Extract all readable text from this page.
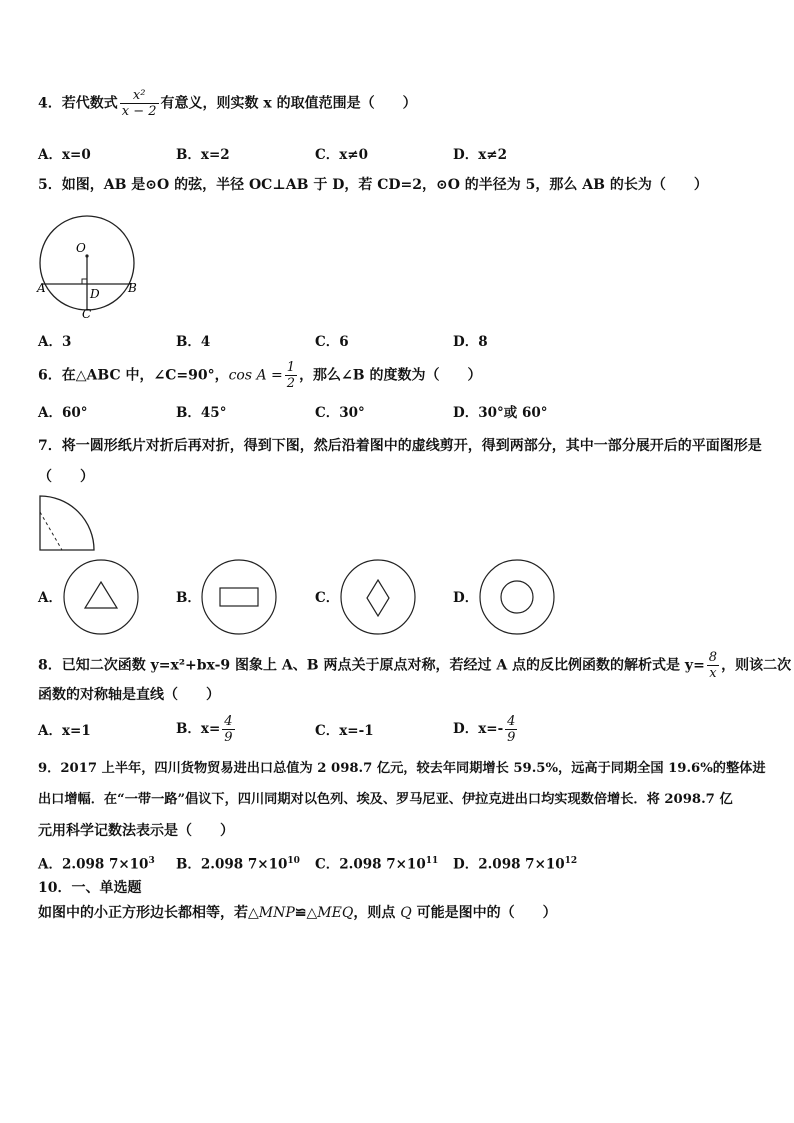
4．若代数式 $\frac{\text{x²}}{x - 2}$ 有意义，则实数 x 的取值范围是（　　）
A．x=0	B．x=2	C．x≠0	D．x≠2
5．如图，AB 是⊙O 的弦，半径 OC⊥AB 于 D，若 CD=2，⊙O 的半径为 5，那么 AB 的长为（　　）
O
A	B
D
C
A．3	B．4	C．6	D．8
6．在△ABC 中，∠C=90°，$\cos A = \frac{1}{2}$ ，那么∠B 的度数为（　　）
A．60°	B．45°	C．30°	D．30°或 60°
7．将一圆形纸片对折后再对折，得到下图，然后沿着图中的虚线剪开，得到两部分，其中一部分展开后的平面图形是
（　　）
A．	B．	C．	D．
8．已知二次函数 y=x²+bx-9 图象上 A、B 两点关于原点对称，若经过 A 点的反比例函数的解析式是 $y= \frac{8}{x}$ ，则该二次
函数的对称轴是直线（　　）
A．x=1	B．$x= \frac{4}{9}$	C．x=-1	D．$x=- \frac{4}{9}$
9．2017 上半年，四川货物贸易进出口总值为 2 098.7 亿元，较去年同期增长 59.5%，远高于同期全国 19.6%的整体进
出口增幅．在“一带一路”倡议下，四川同期对以色列、埃及、罗马尼亚、伊拉克进出口均实现数倍增长．将 2098.7 亿
元用科学记数法表示是（　　）
A．2.098 $7\times 10^3$ B．2.098 $7\times 10^{10}$ C．2.098 $7\times 10^{11}$ D．2.098 $7\times 10^{12}$
10．一、单选题
如图中的小正方形边长都相等，若△MNP≌△MEQ，则点 Q 可能是图中的（　　）
